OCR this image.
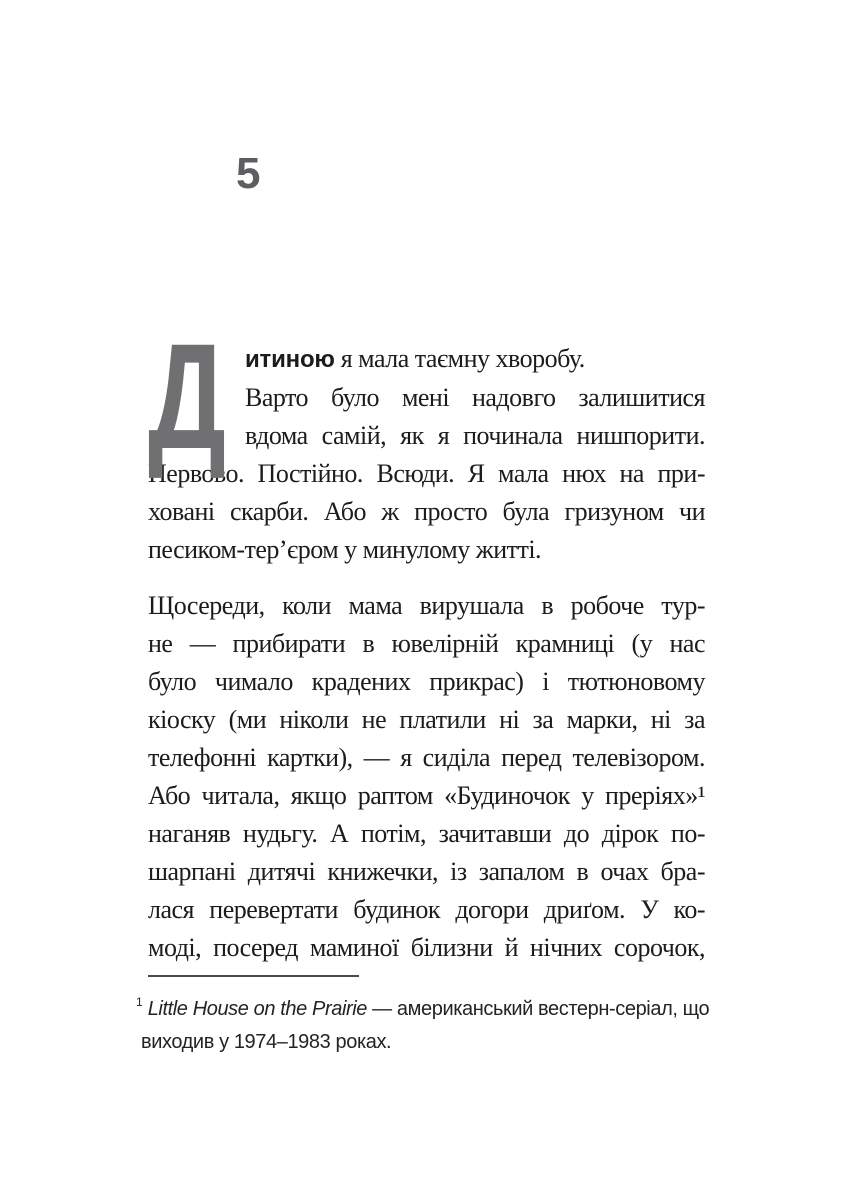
5
Д итиною я мала таємну хворобу.
Варто було мені надовго залишитися
вдома самій, як я починала нишпорити.
Нервово. Постійно. Всюди. Я мала нюх на при-
ховані скарби. Або ж просто була гризуном чи
песиком-тер’єром у минулому житті.
Щосереди, коли мама вирушала в робоче тур-
не — прибирати в ювелірній крамниці (у нас
було чимало крадених прикрас) і тютюновому
кіоску (ми ніколи не платили ні за марки, ні за
телефонні картки), — я сиділа перед телевізором.
Або читала, якщо раптом «Будиночок у преріях»¹
наганяв нудьгу. А потім, зачитавши до дірок по-
шарпані дитячі книжечки, із запалом в очах бра-
лася перевертати будинок догори дриґом. У ко-
моді, посеред маминої білизни й нічних сорочок,
$^1$ Little House on the Prairie — американський вестерн-серіал, що
виходив у 1974–1983 роках.
